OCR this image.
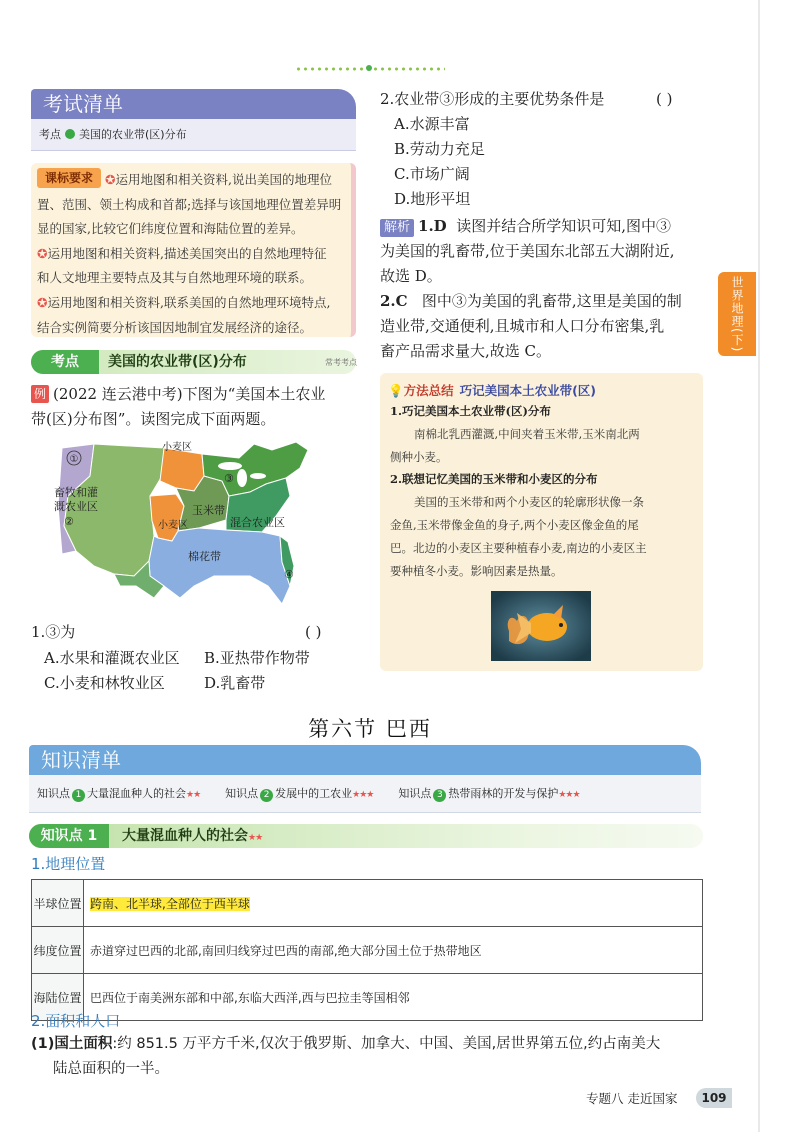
世界地理(下)
考试清单
考点 美国的农业带(区)分布
课标要求 ✪运用地图和相关资料,说出美国的地理位

置、范围、领土构成和首都;选择与该国地理位置差异明

显的国家,比较它们纬度位置和海陆位置的差异。

✪运用地图和相关资料,描述美国突出的自然地理特征

和人文地理主要特点及其与自然地理环境的联系。

✪运用地图和相关资料,联系美国的自然地理环境特点,

结合实例简要分析该国因地制宜发展经济的途径。

考点	美国的农业带(区)分布	常考考点
例 (2022 连云港中考)下图为“美国本土农业
带(区)分布图”。读图完成下面两题。
①
②
③
④
小麦区
畜牧和灌
溉农业区	玉米带
小麦区	混合农业区
棉花带
1.③为	( )
A.水果和灌溉农业区 B.亚热带作物带
C.小麦和林牧业区	D.乳畜带
2.农业带③形成的主要优势条件是	( )
A.水源丰富
B.劳动力充足
C.市场广阔
D.地形平坦
解析 1.D 读图并结合所学知识可知,图中③
为美国的乳畜带,位于美国东北部五大湖附近,
故选 D。
2.C 图中③为美国的乳畜带,这里是美国的制
造业带,交通便利,且城市和人口分布密集,乳
畜产品需求量大,故选 C。
💡方法总结 巧记美国本土农业带(区)
1.巧记美国本土农业带(区)分布
南棉北乳西灌溉,中间夹着玉米带,玉米南北两
侧种小麦。
2.联想记忆美国的玉米带和小麦区的分布
美国的玉米带和两个小麦区的轮廓形状像一条
金鱼,玉米带像金鱼的身子,两个小麦区像金鱼的尾
巴。北边的小麦区主要种植春小麦,南边的小麦区主
要种植冬小麦。影响因素是热量。
第六节 巴西
知识清单
知识点 1 大量混血种人的社会★★ 知识点 2 发展中的工农业★★★ 知识点 3 热带雨林的开发与保护★★★
知识点 1	大量混血种人的社会★★
1.地理位置
半球位置	跨南、北半球,全部位于西半球
纬度位置	赤道穿过巴西的北部,南回归线穿过巴西的南部,绝大部分国土位于热带地区
海陆位置	巴西位于南美洲东部和中部,东临大西洋,西与巴拉圭等国相邻
2.面积和人口
(1)国土面积:约 851.5 万平方千米,仅次于俄罗斯、加拿大、中国、美国,居世界第五位,约占南美大
陆总面积的一半。
专题八 走近国家	109
